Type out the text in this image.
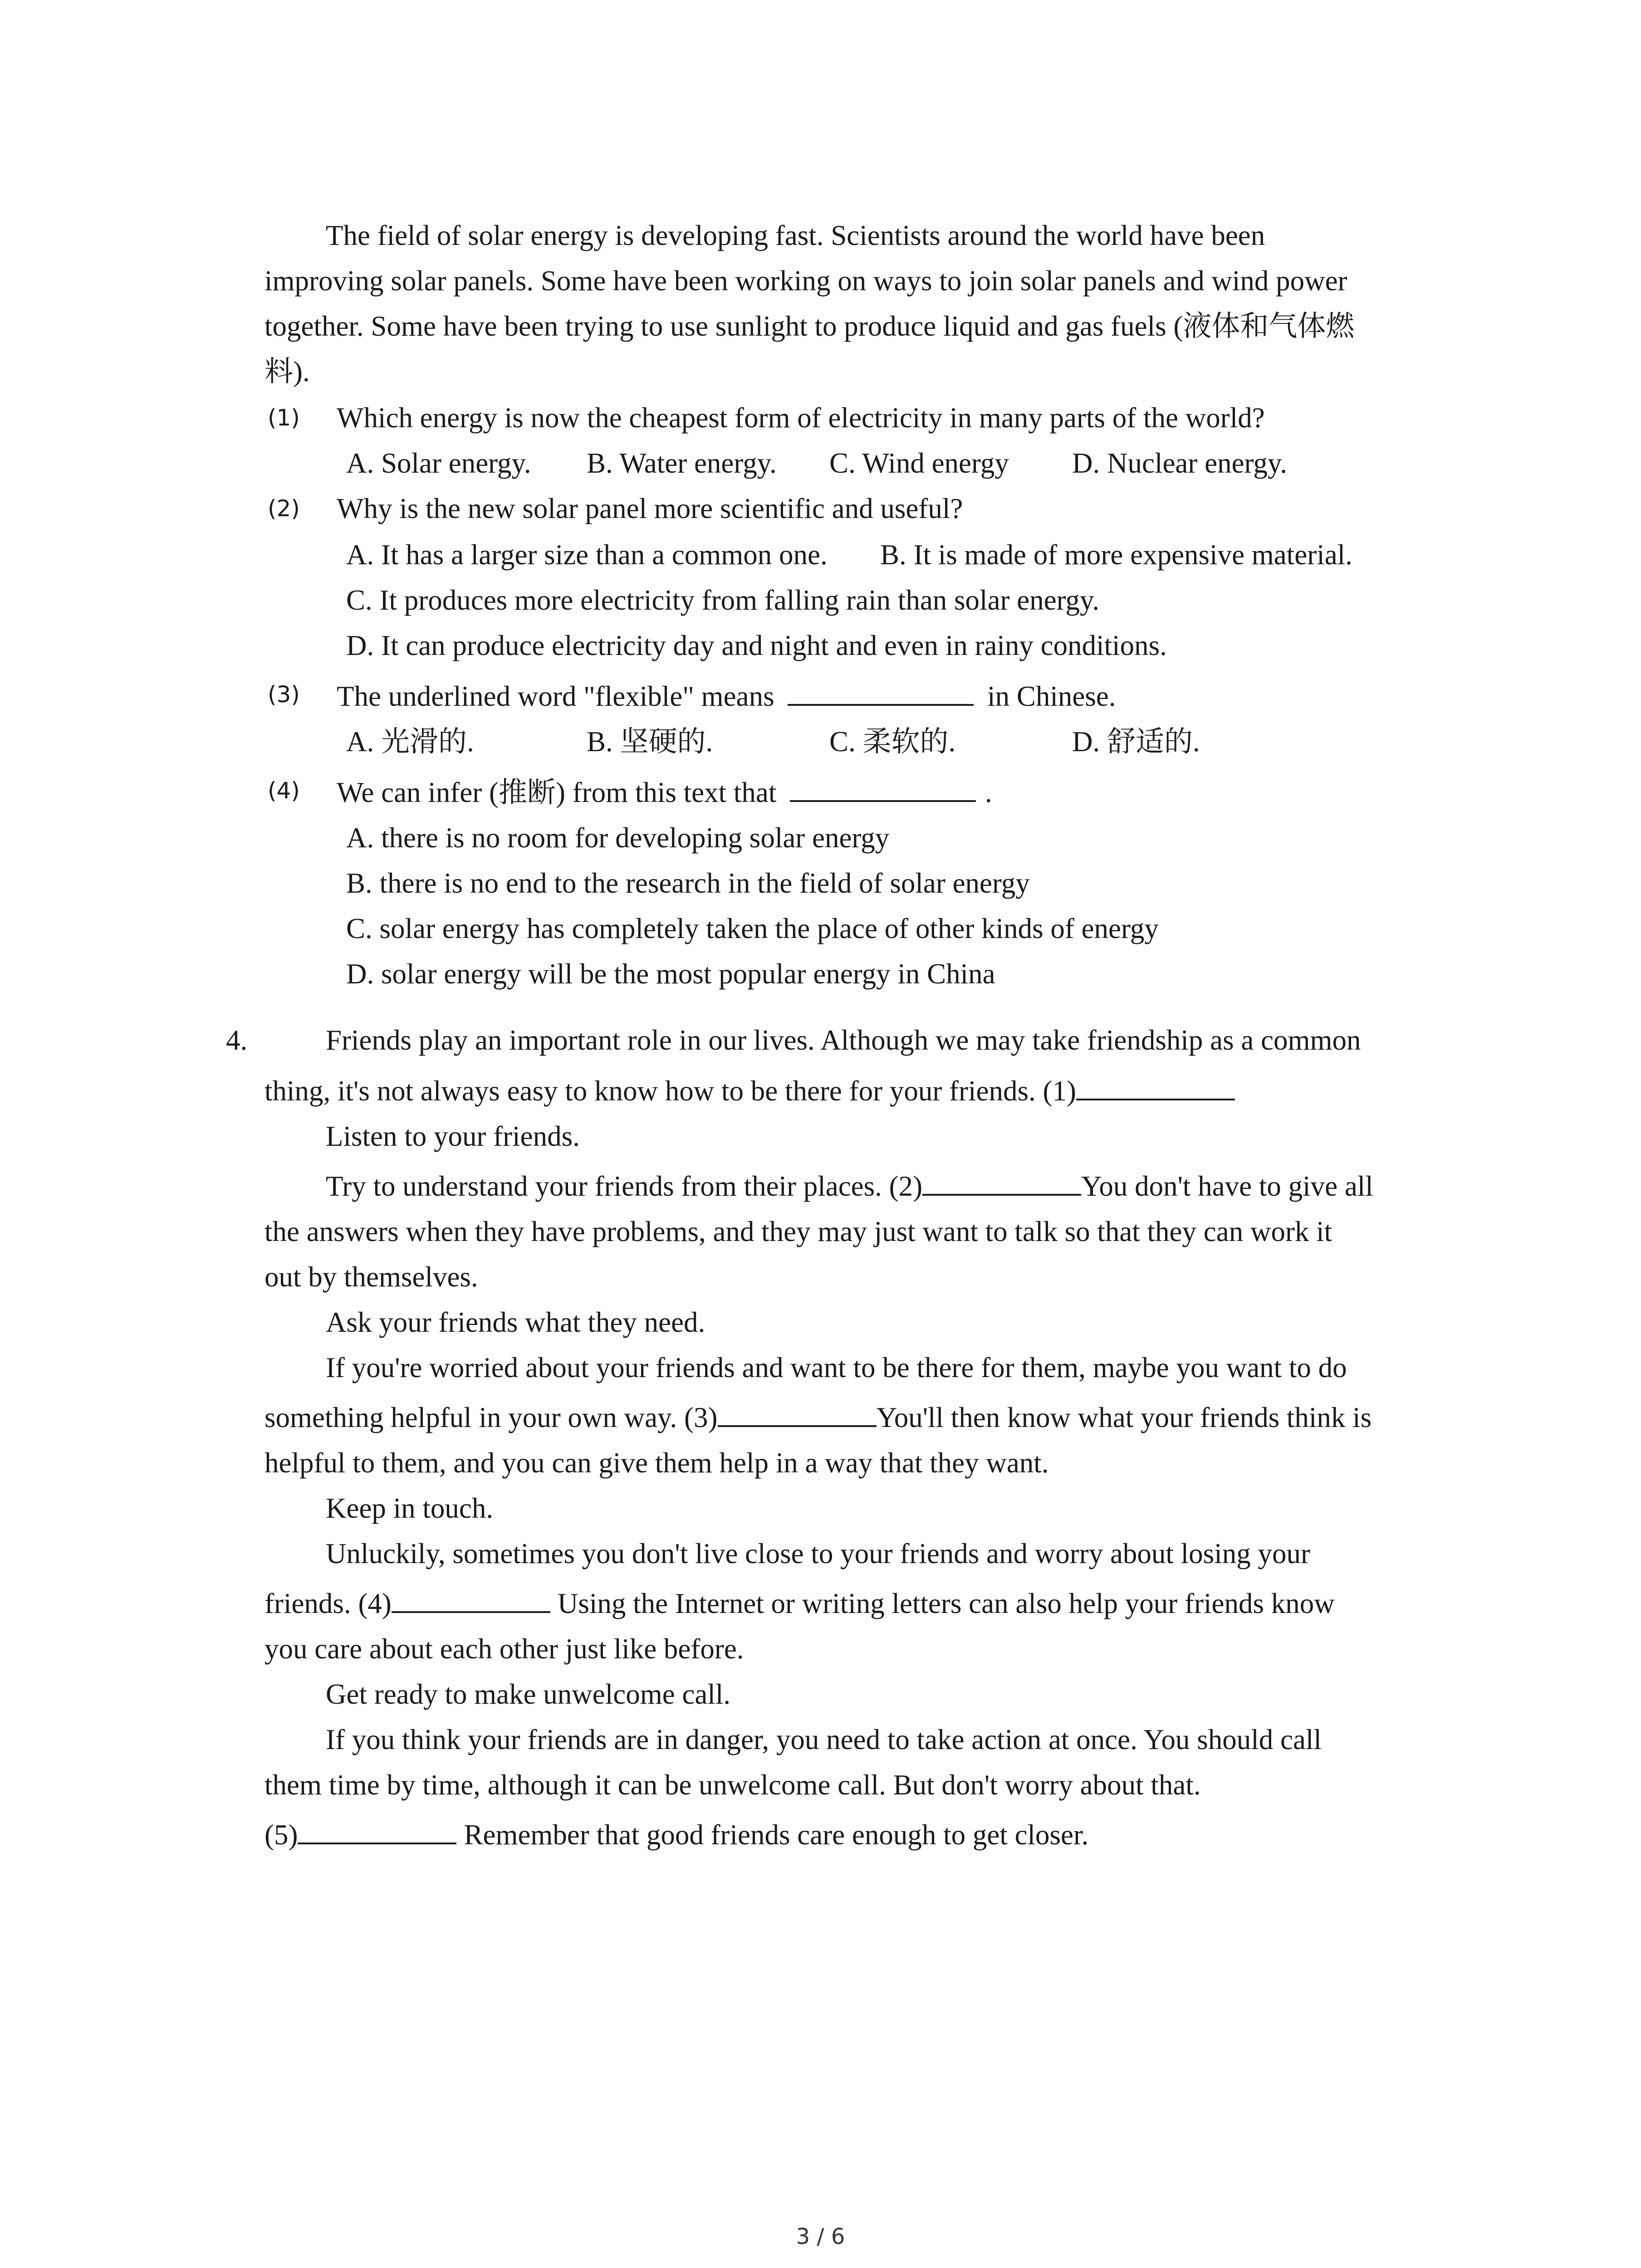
The field of solar energy is developing fast. Scientists around the world have been
improving solar panels. Some have been working on ways to join solar panels and wind power
together. Some have been trying to use sunlight to produce liquid and gas fuels (液体和气体燃
料).
(1) Which energy is now the cheapest form of electricity in many parts of the world?
A. Solar energy. B. Water energy. C. Wind energy D. Nuclear energy.
(2) Why is the new solar panel more scientific and useful?
A. It has a larger size than a common one. B. It is made of more expensive material.
C. It produces more electricity from falling rain than solar energy.
D. It can produce electricity day and night and even in rainy conditions.
(3) The underlined word "flexible" means	in Chinese.
A. 光滑的.	B. 坚硬的.	C. 柔软的.	D. 舒适的.
(4) We can infer (推断) from this text that	.
A. there is no room for developing solar energy
B. there is no end to the research in the field of solar energy
C. solar energy has completely taken the place of other kinds of energy
D. solar energy will be the most popular energy in China
4.	Friends play an important role in our lives. Although we may take friendship as a common
thing, it's not always easy to know how to be there for your friends. (1)
Listen to your friends.
Try to understand your friends from their places. (2)	You don't have to give all
the answers when they have problems, and they may just want to talk so that they can work it
out by themselves.
Ask your friends what they need.
If you're worried about your friends and want to be there for them, maybe you want to do
something helpful in your own way. (3)	You'll then know what your friends think is
helpful to them, and you can give them help in a way that they want.
Keep in touch.
Unluckily, sometimes you don't live close to your friends and worry about losing your
friends. (4)	Using the Internet or writing letters can also help your friends know
you care about each other just like before.
Get ready to make unwelcome call.
If you think your friends are in danger, you need to take action at once. You should call
them time by time, although it can be unwelcome call. But don't worry about that.
(5)	Remember that good friends care enough to get closer.
3 / 6
